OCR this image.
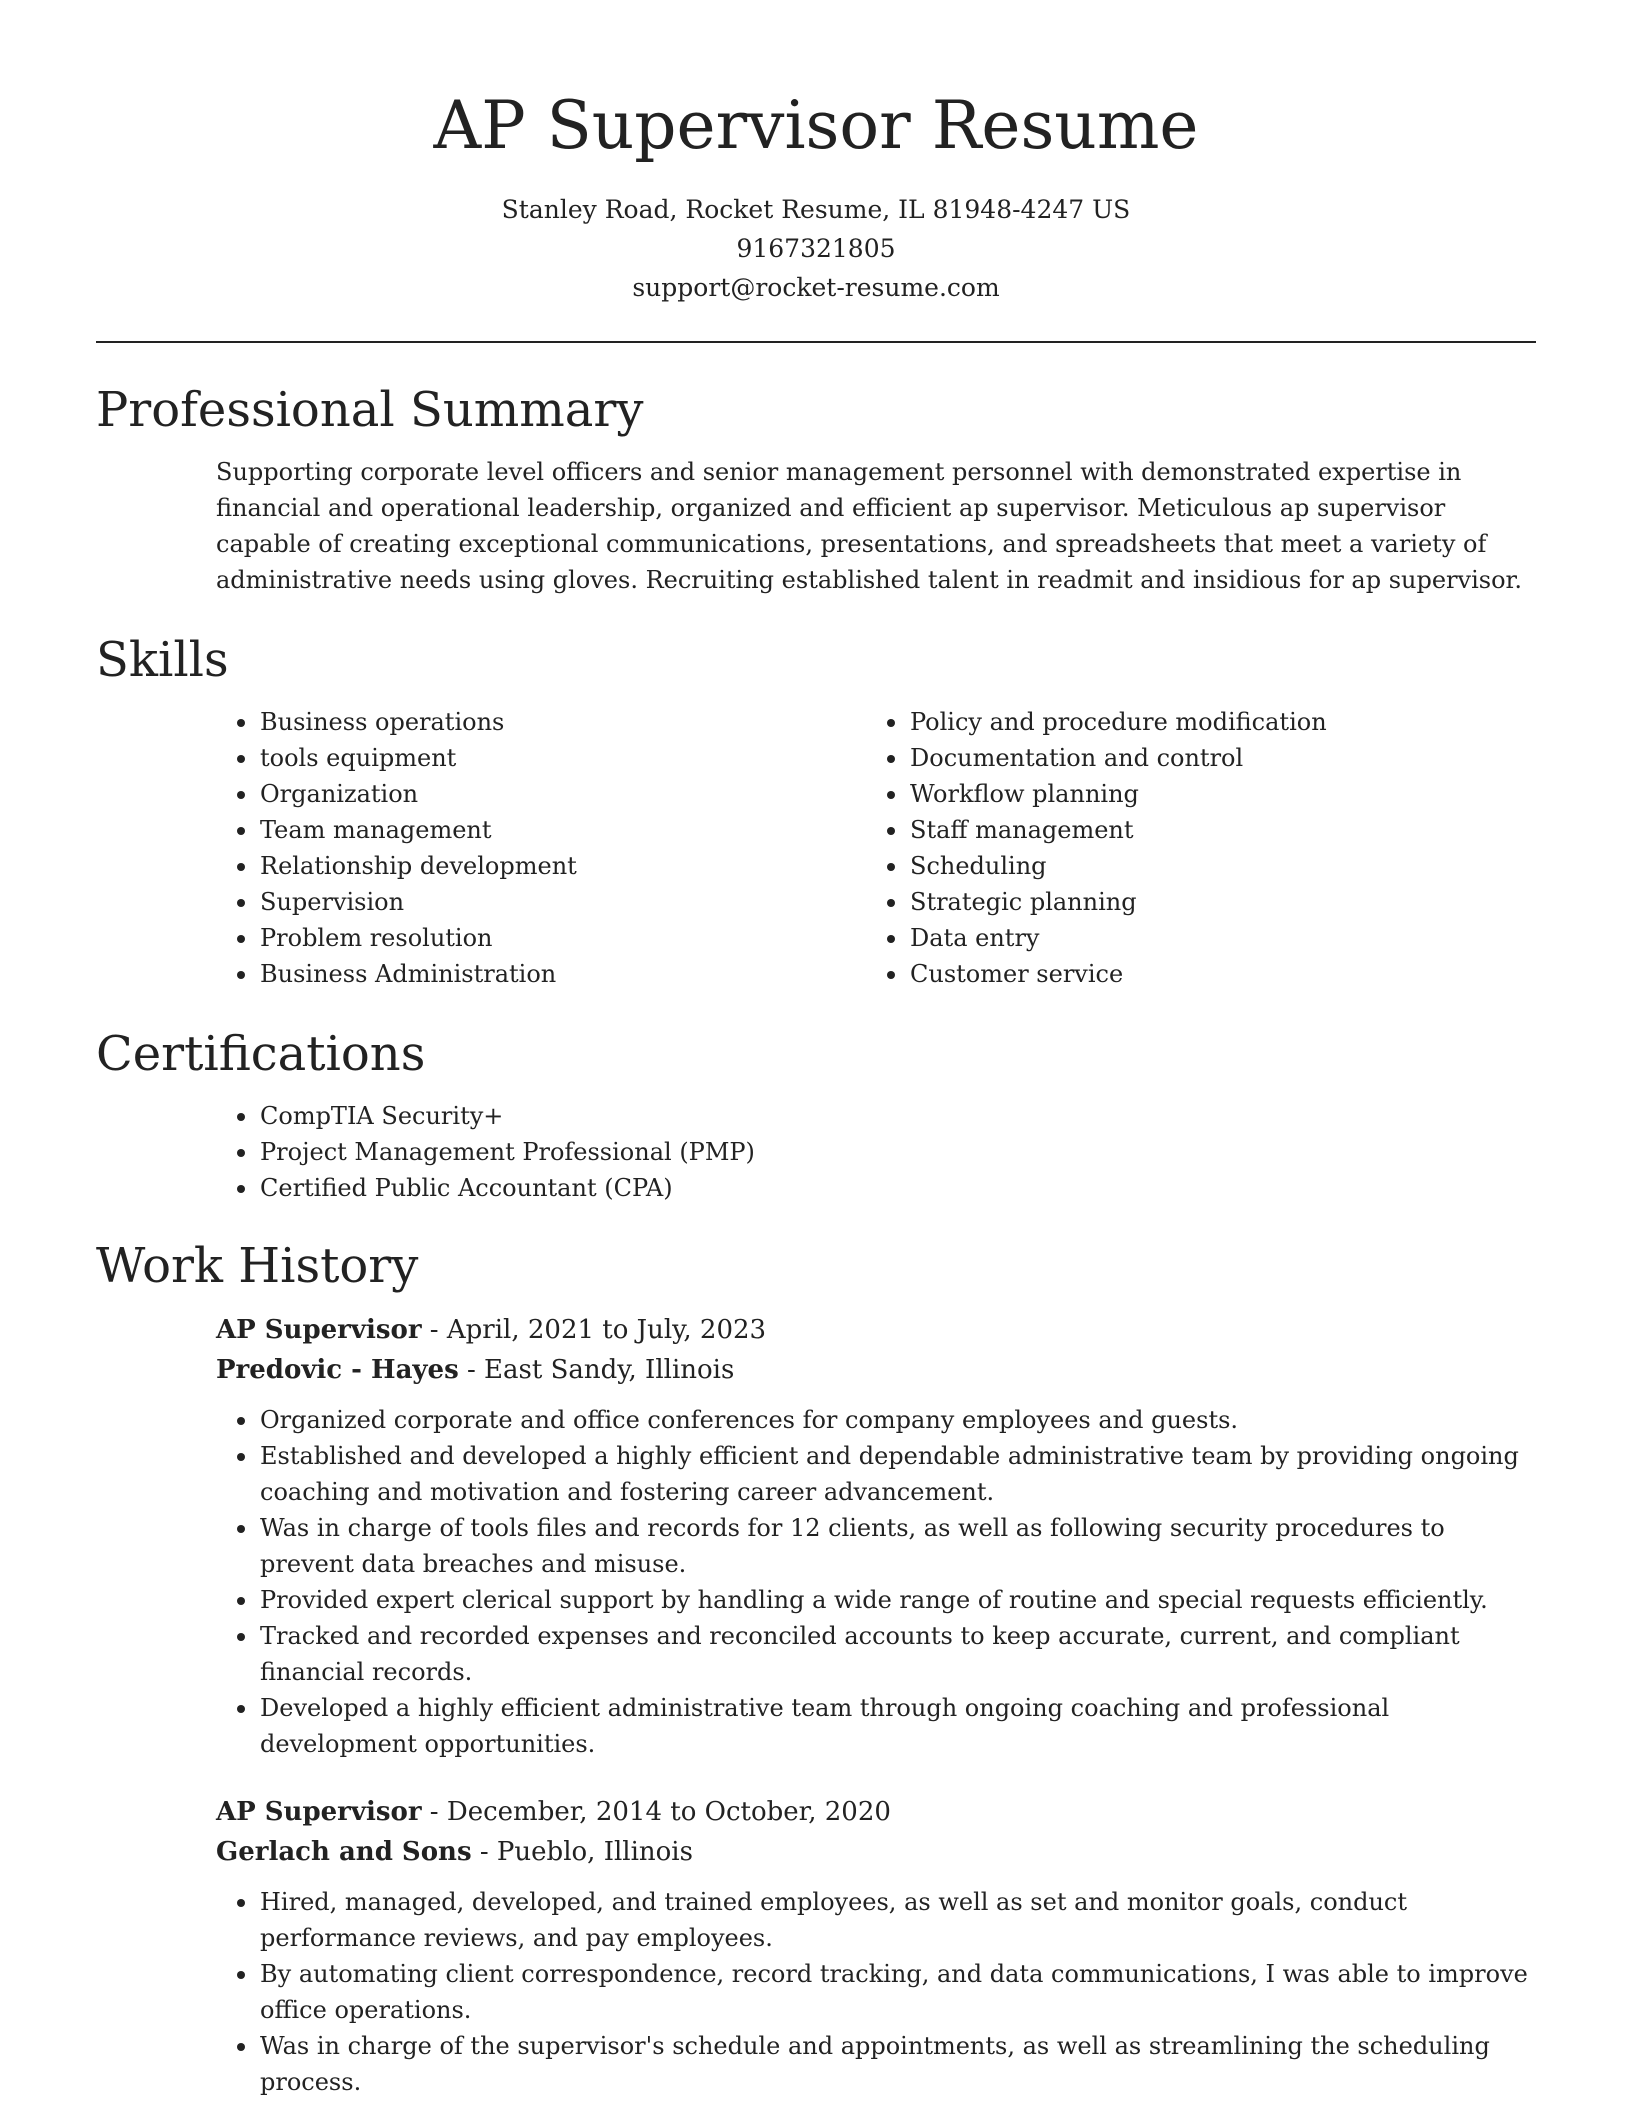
AP Supervisor Resume
Stanley Road, Rocket Resume, IL 81948-4247 US
9167321805
support@rocket-resume.com
Professional Summary

Supporting corporate level officers and senior management personnel with demonstrated expertise in financial and operational leadership, organized and efficient ap supervisor. Meticulous ap supervisor capable of creating exceptional communications, presentations, and spreadsheets that meet a variety of administrative needs using gloves. Recruiting established talent in readmit and insidious for ap supervisor.

Skills
Business operations
tools equipment
Organization
Team management
Relationship development
Supervision
Problem resolution
Business Administration
Policy and procedure modification
Documentation and control
Workflow planning
Staff management
Scheduling
Strategic planning
Data entry
Customer service
Certifications
CompTIA Security+
Project Management Professional (PMP)
Certified Public Accountant (CPA)
Work History
AP Supervisor - April, 2021 to July, 2023
Predovic - Hayes - East Sandy, Illinois
Organized corporate and office conferences for company employees and guests.
Established and developed a highly efficient and dependable administrative team by providing ongoing coaching and motivation and fostering career advancement.
Was in charge of tools files and records for 12 clients, as well as following security procedures to prevent data breaches and misuse.
Provided expert clerical support by handling a wide range of routine and special requests efficiently.
Tracked and recorded expenses and reconciled accounts to keep accurate, current, and compliant financial records.
Developed a highly efficient administrative team through ongoing coaching and professional development opportunities.
AP Supervisor - December, 2014 to October, 2020
Gerlach and Sons - Pueblo, Illinois
Hired, managed, developed, and trained employees, as well as set and monitor goals, conduct performance reviews, and pay employees.
By automating client correspondence, record tracking, and data communications, I was able to improve office operations.
Was in charge of the supervisor's schedule and appointments, as well as streamlining the scheduling process.
